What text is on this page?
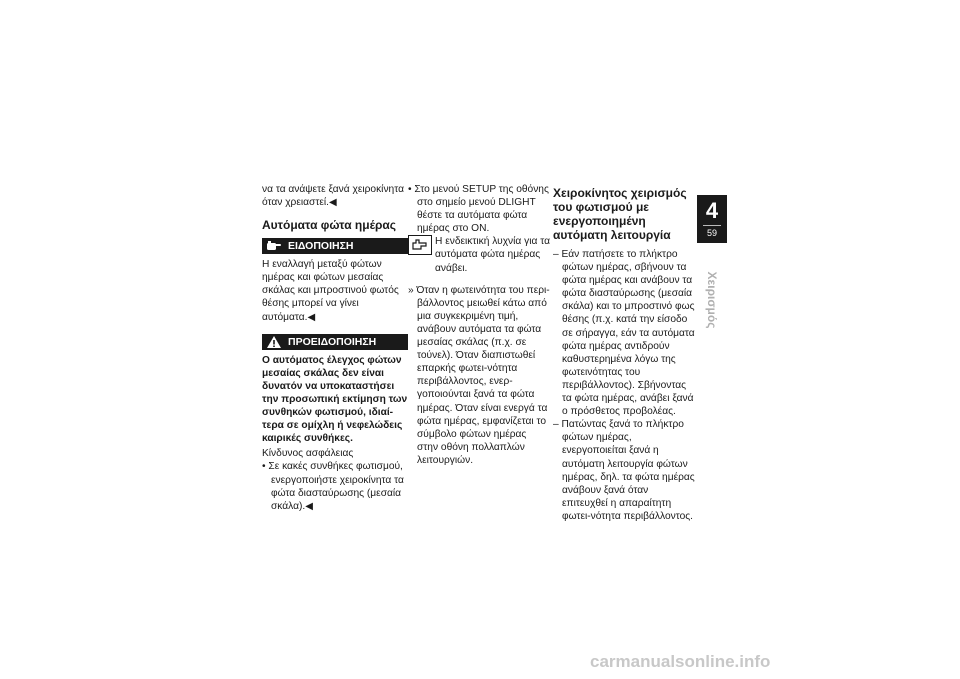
να τα ανάψετε ξανά χειροκίνητα όταν χρειαστεί.◀

Αυτόματα φώτα ημέρας
ΕΙΔΟΠΟΙΗΣΗ

Η εναλλαγή μεταξύ φώτων ημέρας και φώτων μεσαίας σκάλας και μπροστινού φωτός θέσης μπορεί να γίνει αυτόματα.◀

ΠΡΟΕΙΔΟΠΟΙΗΣΗ

Ο αυτόματος έλεγχος φώτων μεσαίας σκάλας δεν είναι δυνατόν να υποκαταστήσει την προσωπική εκτίμηση των συνθηκών φωτισμού, ιδιαί-τερα σε ομίχλη ή νεφελώδεις καιρικές συνθήκες.

Κίνδυνος ασφάλειας

• Σε κακές συνθήκες φωτισμού, ενεργοποιήστε χειροκίνητα τα φώτα διασταύρωσης (μεσαία σκάλα).◀

• Στο μενού SETUP της οθόνης στο σημείο μενού DLIGHT θέστε τα αυτόματα φώτα ημέρας στο ON.

Η ενδεικτική λυχνία για τα αυτόματα φώτα ημέρας ανάβει.

» Όταν η φωτεινότητα του περι-βάλλοντος μειωθεί κάτω από μια συγκεκριμένη τιμή, ανάβουν αυτόματα τα φώτα μεσαίας σκάλας (π.χ. σε τούνελ). Όταν διαπιστωθεί επαρκής φωτει-νότητα περιβάλλοντος, ενερ-γοποιούνται ξανά τα φώτα ημέρας. Όταν είναι ενεργά τα φώτα ημέρας, εμφανίζεται το σύμβολο φώτων ημέρας στην οθόνη πολλαπλών λειτουργιών.

Χειροκίνητος χειρισμός του φωτισμού με ενεργοποιημένη αυτόματη λειτουργία

– Εάν πατήσετε το πλήκτρο φώτων ημέρας, σβήνουν τα φώτα ημέρας και ανάβουν τα φώτα διασταύρωσης (μεσαία σκάλα) και το μπροστινό φως θέσης (π.χ. κατά την είσοδο σε σήραγγα, εάν τα αυτόματα φώτα ημέρας αντιδρούν καθυστερημένα λόγω της φωτεινότητας του περιβάλλοντος). Σβήνοντας τα φώτα ημέρας, ανάβει ξανά ο πρόσθετος προβολέας.

– Πατώντας ξανά το πλήκτρο φώτων ημέρας, ενεργοποιείται ξανά η αυτόματη λειτουργία φώτων ημέρας, δηλ. τα φώτα ημέρας ανάβουν ξανά όταν επιτευχθεί η απαραίτητη φωτει-νότητα περιβάλλοντος.

4
59
Χειρισμός
carmanualsonline.info
